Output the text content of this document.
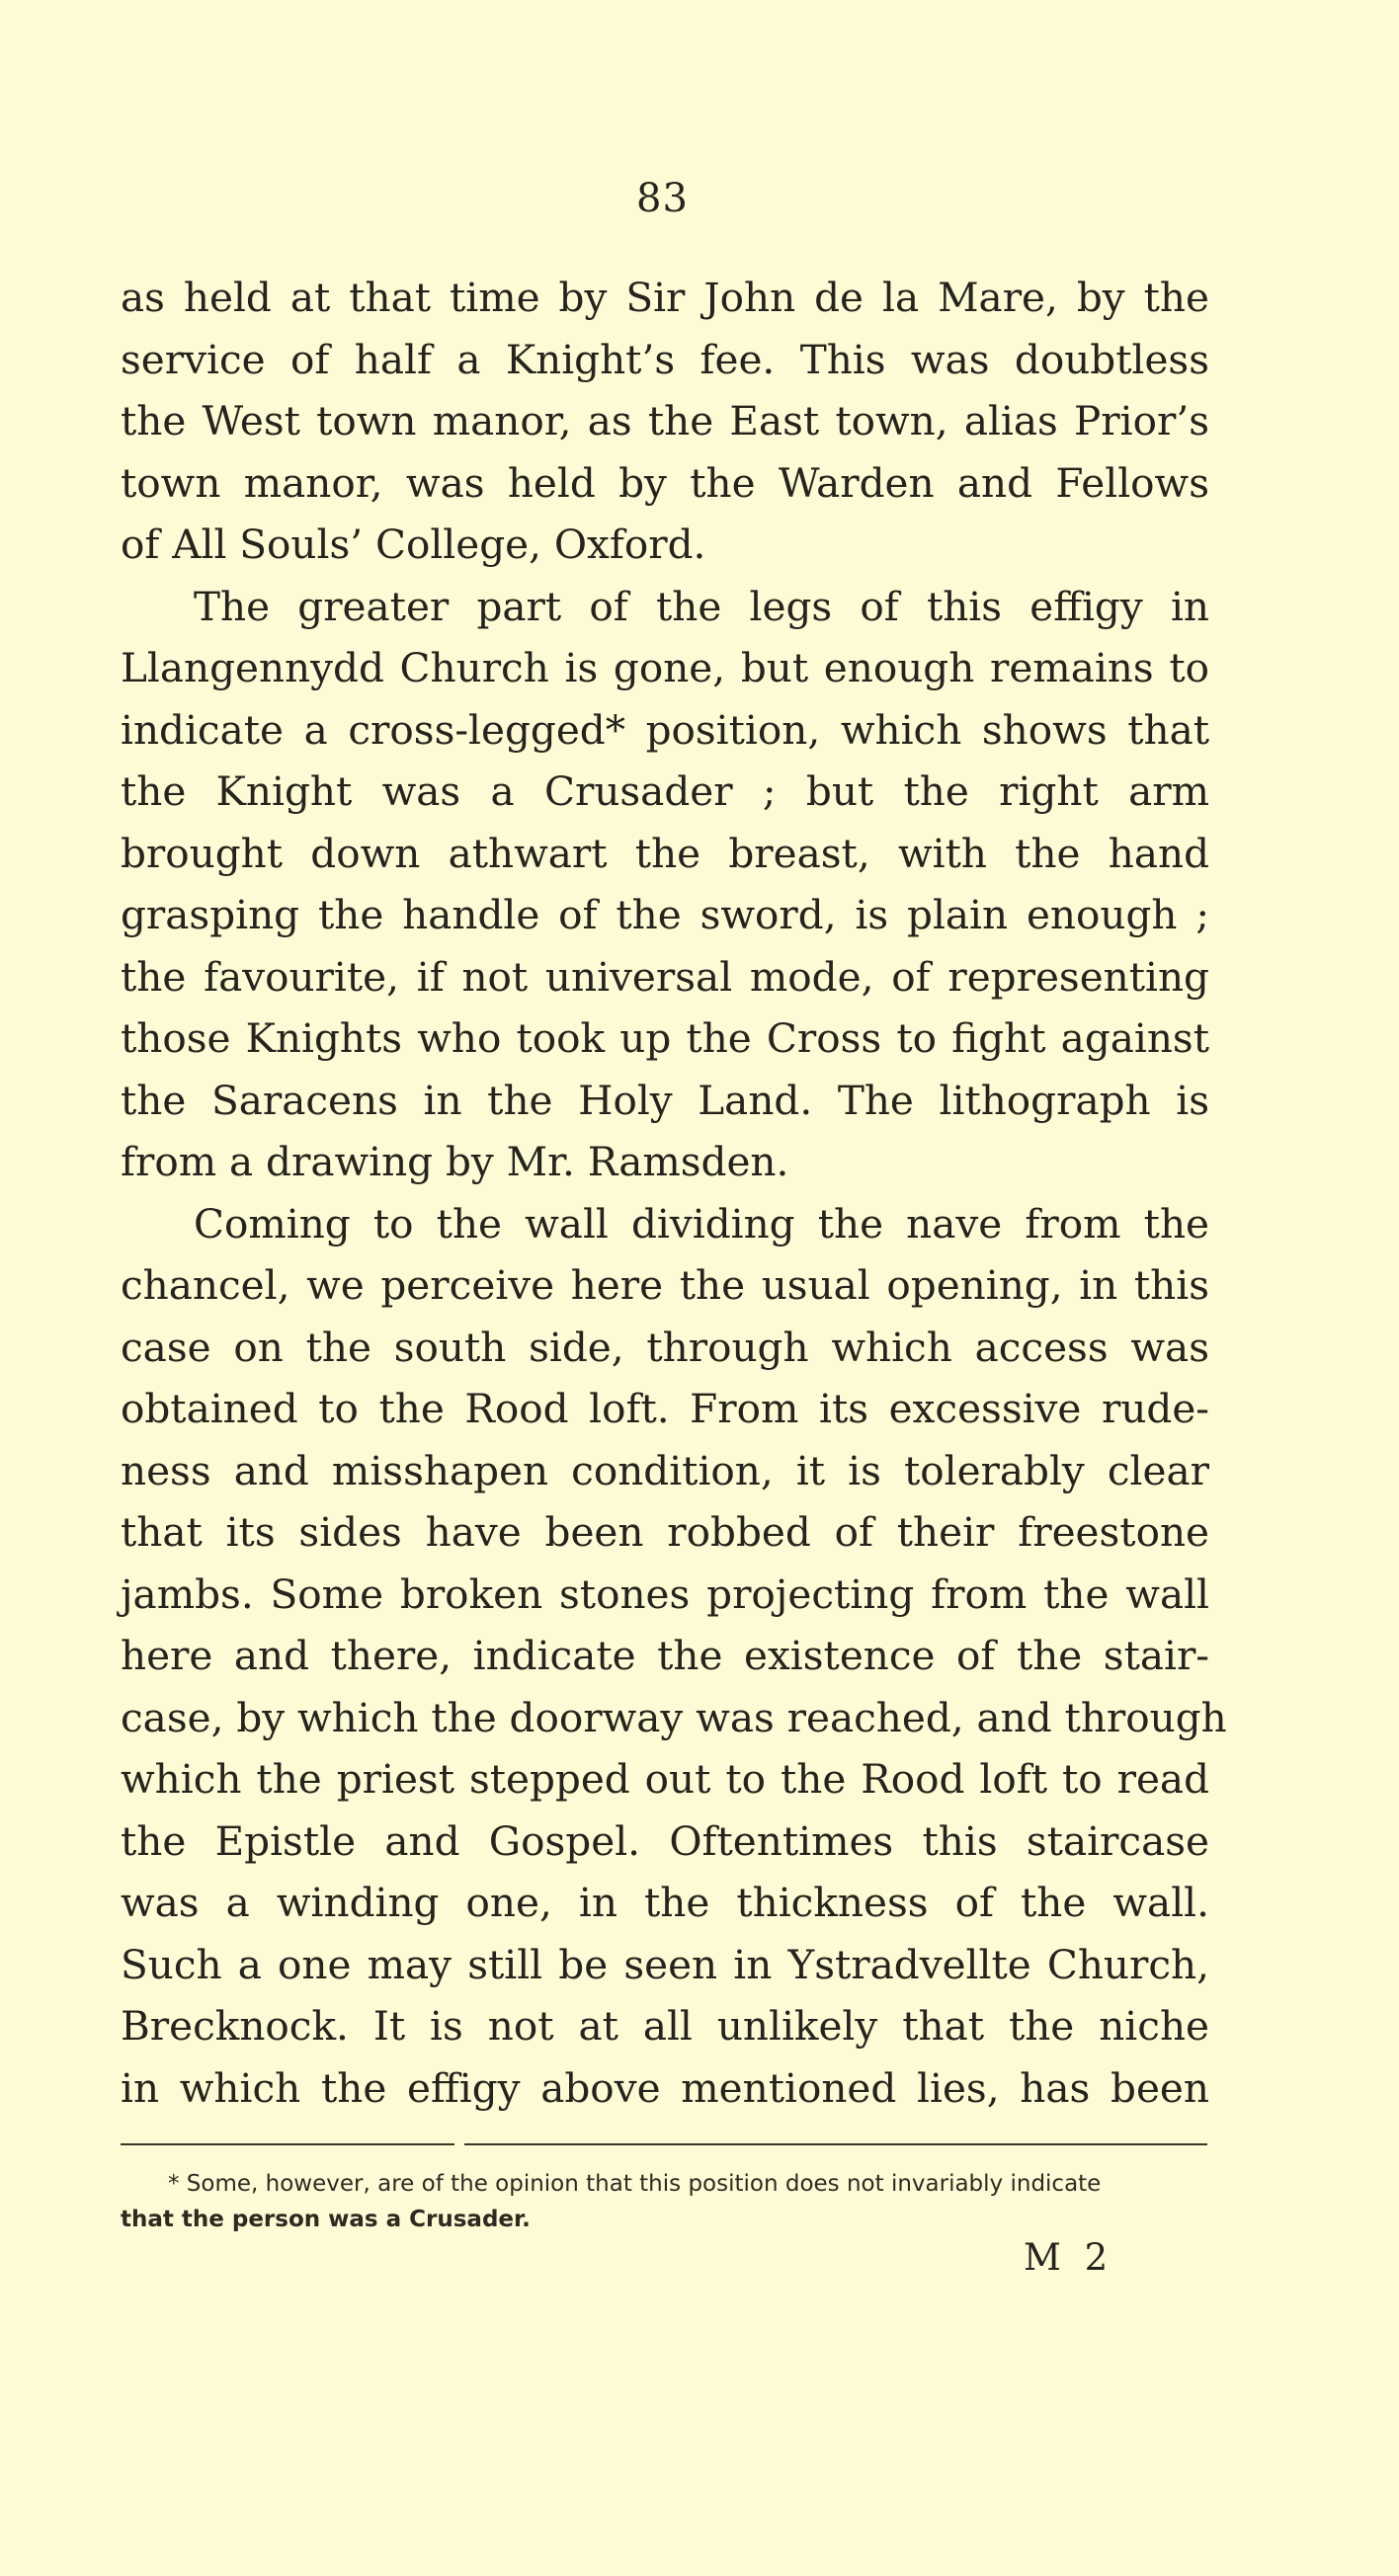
83
as held at that time by Sir John de la Mare, by the
service of half a Knight’s fee. This was doubtless
the West town manor, as the East town, alias Prior’s
town manor, was held by the Warden and Fellows
of All Souls’ College, Oxford.
The greater part of the legs of this effigy in
Llangennydd Church is gone, but enough remains to
indicate a cross-legged* position, which shows that
the Knight was a Crusader ; but the right arm
brought down athwart the breast, with the hand
grasping the handle of the sword, is plain enough ;
the favourite, if not universal mode, of representing
those Knights who took up the Cross to fight against
the Saracens in the Holy Land. The lithograph is
from a drawing by Mr. Ramsden.
Coming to the wall dividing the nave from the
chancel, we perceive here the usual opening, in this
case on the south side, through which access was
obtained to the Rood loft. From its excessive rude-
ness and misshapen condition, it is tolerably clear
that its sides have been robbed of their freestone
jambs. Some broken stones projecting from the wall
here and there, indicate the existence of the stair-
case, by which the doorway was reached, and through
which the priest stepped out to the Rood loft to read
the Epistle and Gospel. Oftentimes this staircase
was a winding one, in the thickness of the wall.
Such a one may still be seen in Ystradvellte Church,
Brecknock. It is not at all unlikely that the niche
in which the effigy above mentioned lies, has been
* Some, however, are of the opinion that this position does not invariably indicate
that the person was a Crusader.
M 2
